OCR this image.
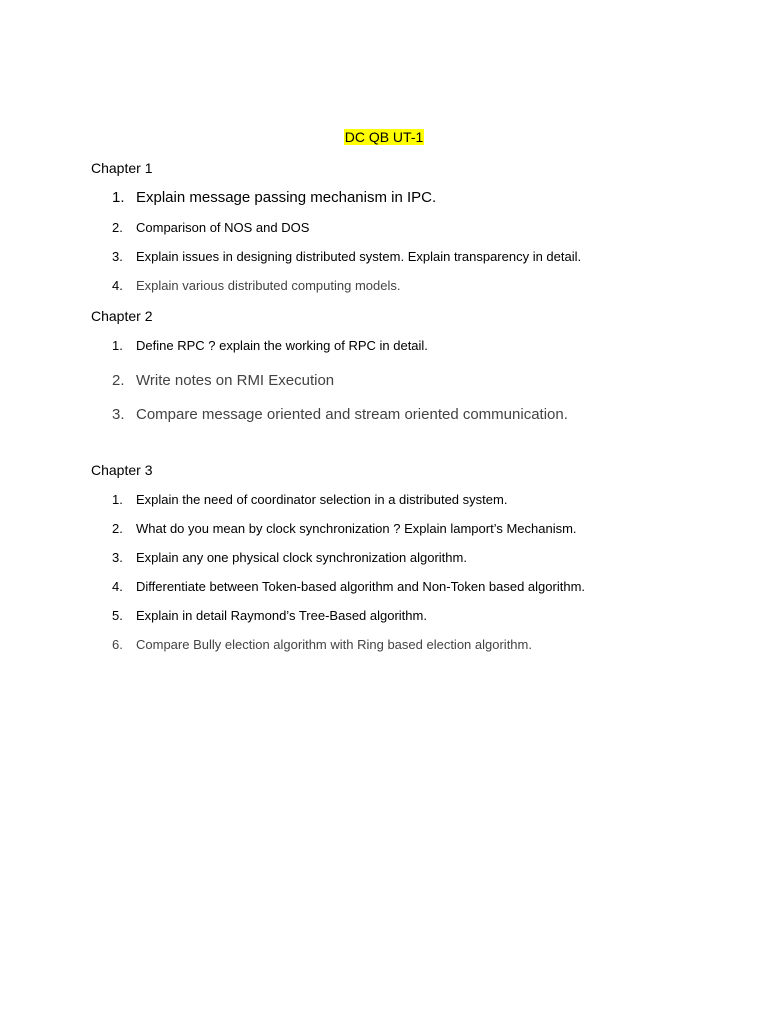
DC QB UT-1
Chapter 1
1. Explain message passing mechanism in IPC.
2. Comparison of NOS and DOS
3. Explain issues in designing distributed system. Explain transparency in detail.
4. Explain various distributed computing models.
Chapter 2
1. Define RPC ? explain the working of RPC in detail.
2. Write notes on RMI Execution
3. Compare message oriented and stream oriented communication.
Chapter 3
1. Explain the need of coordinator selection in a distributed system.
2. What do you mean by clock synchronization ? Explain lamport’s Mechanism.
3. Explain any one physical clock synchronization algorithm.
4. Differentiate between Token-based algorithm and Non-Token based algorithm.
5. Explain in detail Raymond’s Tree-Based algorithm.
6. Compare Bully election algorithm with Ring based election algorithm.
